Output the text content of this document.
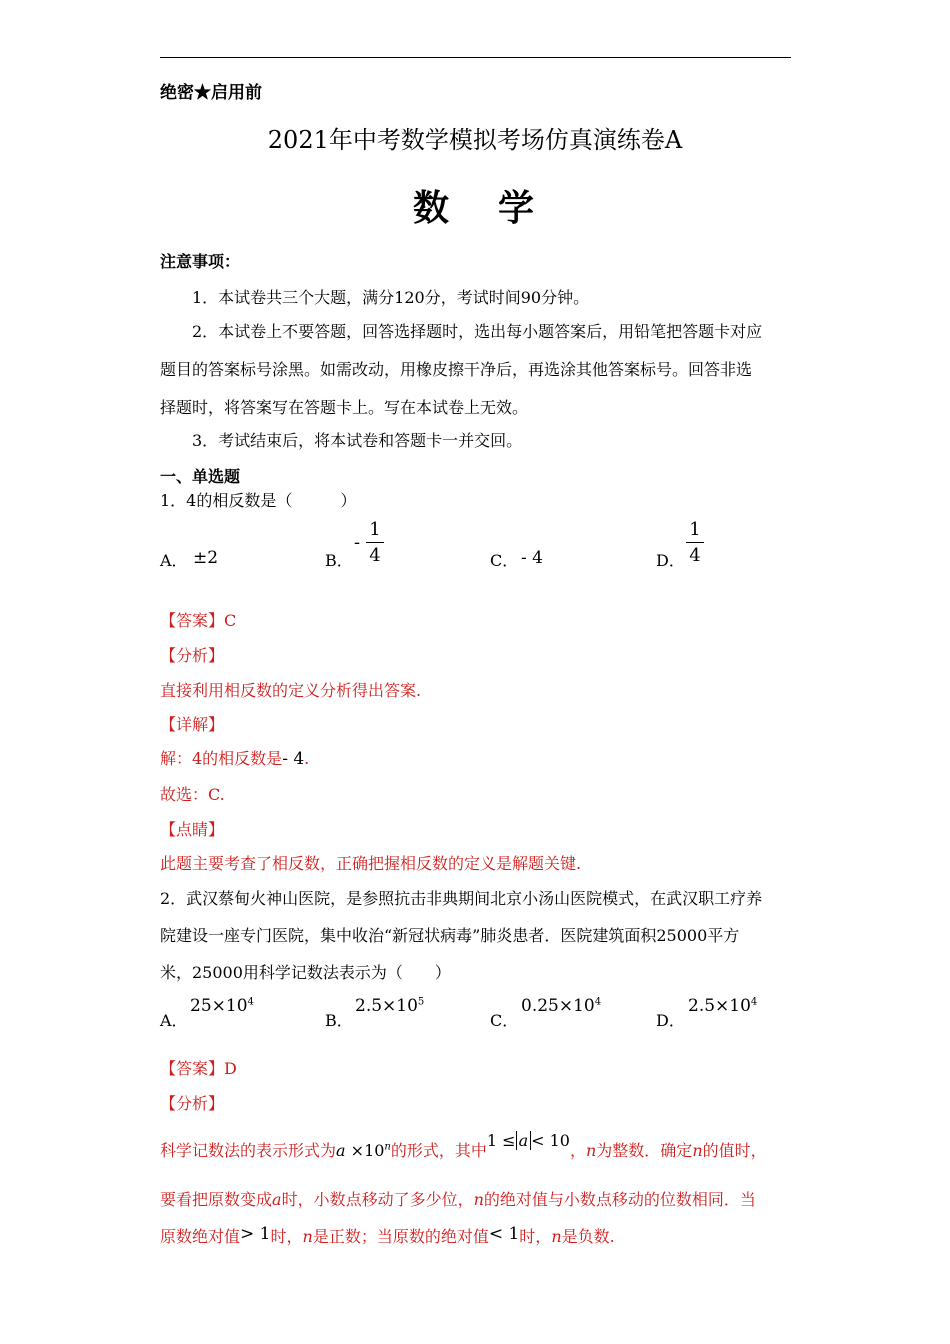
绝密★启用前
2021年中考数学模拟考场仿真演练卷A
数 学
注意事项：
1．本试卷共三个大题，满分120分，考试时间90分钟。
2．本试卷上不要答题，回答选择题时，选出每小题答案后，用铅笔把答题卡对应
题目的答案标号涂黑。如需改动，用橡皮擦干净后，再选涂其他答案标号。回答非选
择题时，将答案写在答题卡上。写在本试卷上无效。
3．考试结束后，将本试卷和答题卡一并交回。
一、单选题
1．4的相反数是（　　　）
A． ±2	B．
- $\frac{1}{4}$	C． - 4	D． $\frac{1}{4}$
【答案】C
【分析】
直接利用相反数的定义分析得出答案.
【详解】
解：4的相反数是- 4.
故选：C.
【点睛】
此题主要考查了相反数，正确把握相反数的定义是解题关键.
2．武汉蔡甸火神山医院，是参照抗击非典期间北京小汤山医院模式，在武汉职工疗养
院建设一座专门医院，集中收治“新冠状病毒”肺炎患者．医院建筑面积25000平方
米，25000用科学记数法表示为（　　）
A．
$25\times 10^4$
B．
$2.5\times 10^5$
C．
$0.25\times 10^4$
D．
$2.5\times 10^4$
【答案】D
【分析】
科学记数法的表示形式为$a \times 10^n$的形式，其中1 ≤ a < 10，n为整数．确定n的值时，
要看把原数变成a时，小数点移动了多少位，n的绝对值与小数点移动的位数相同．当
原数绝对值> 1时，n是正数；当原数的绝对值< 1时，n是负数.
